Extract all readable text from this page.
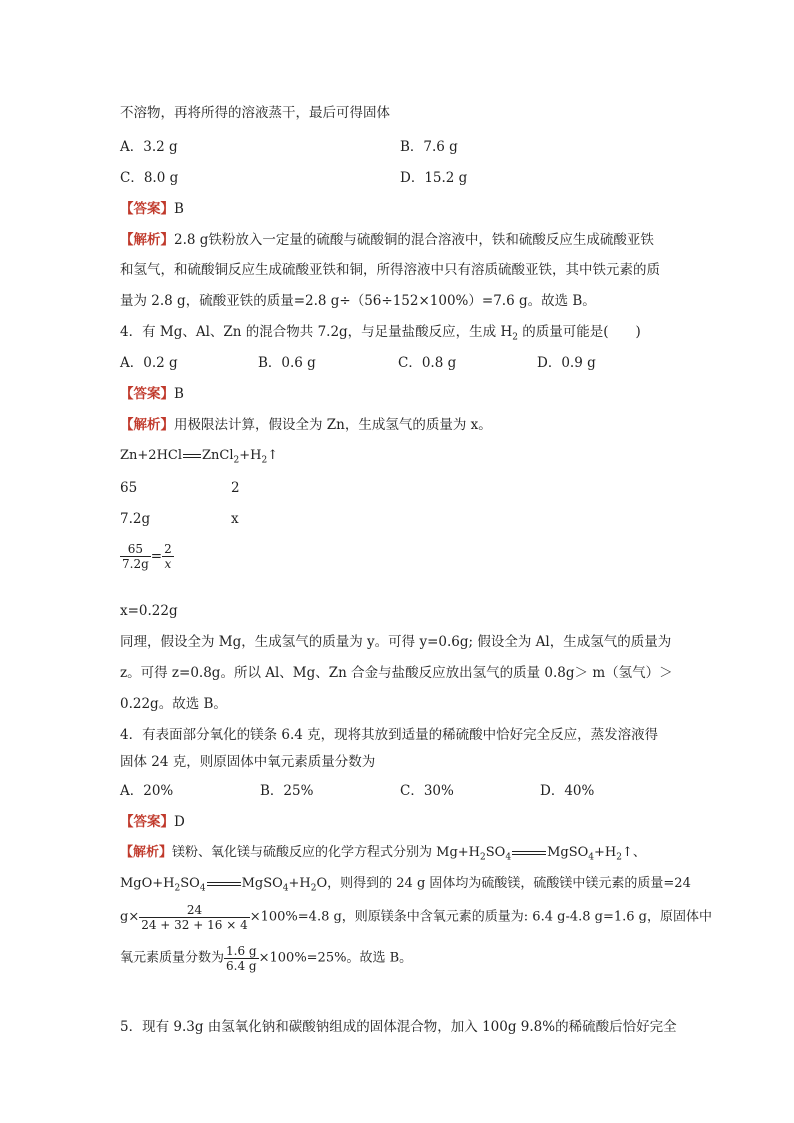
不溶物，再将所得的溶液蒸干，最后可得固体
A．3.2 g	B．7.6 g
C．8.0 g	D．15.2 g
【答案】B
【解析】2.8 g铁粉放入一定量的硫酸与硫酸铜的混合溶液中，铁和硫酸反应生成硫酸亚铁
和氢气，和硫酸铜反应生成硫酸亚铁和铜，所得溶液中只有溶质硫酸亚铁，其中铁元素的质
量为 2.8 g，硫酸亚铁的质量=2.8 g÷（56÷152×100%）=7.6 g。故选 B。
4．有 Mg、Al、Zn 的混合物共 7.2g，与足量盐酸反应，生成 $H_2$ 的质量可能是(　　)
A．0.2 g	B．0.6 g	C．0.8 g	D．0.9 g
【答案】B
【解析】用极限法计算，假设全为 Zn，生成氢气的质量为 x。
Zn+2HCl $ZnCl_2+H_2↑$
65	2
7.2g	x
$\frac{65}{7.2g} = \frac{2}{x}$
x=0.22g
同理，假设全为 Mg，生成氢气的质量为 y。可得 y=0.6g; 假设全为 Al，生成氢气的质量为
z。可得 z=0.8g。所以 Al、Mg、Zn 合金与盐酸反应放出氢气的质量 0.8g＞ m（氢气）＞
0.22g。故选 B。
4．有表面部分氧化的镁条 6.4 克，现将其放到适量的稀硫酸中恰好完全反应，蒸发溶液得
固体 24 克，则原固体中氧元素质量分数为
A．20%	B．25%	C．30%	D．40%
【答案】D
【解析】镁粉、氧化镁与硫酸反应的化学方程式分别为 $Mg+H_2SO_4$	$MgSO_4+H_2↑$、
$MgO+H_2SO_4$	$MgSO_4+H_2O$，则得到的 24 g 固体均为硫酸镁，硫酸镁中镁元素的质量=24
$g\times \frac{24}{24 + 32 + 16 \times 4} \times 100\%=4.8$ g，则原镁条中含氧元素的质量为: 6.4 g-4.8 g=1.6 g，原固体中
氧元素质量分数为 $\frac{1.6 g}{6.4 g} \times 100\%=25\%$。故选 B。
5．现有 9.3g 由氢氧化钠和碳酸钠组成的固体混合物，加入 100g 9.8%的稀硫酸后恰好完全
